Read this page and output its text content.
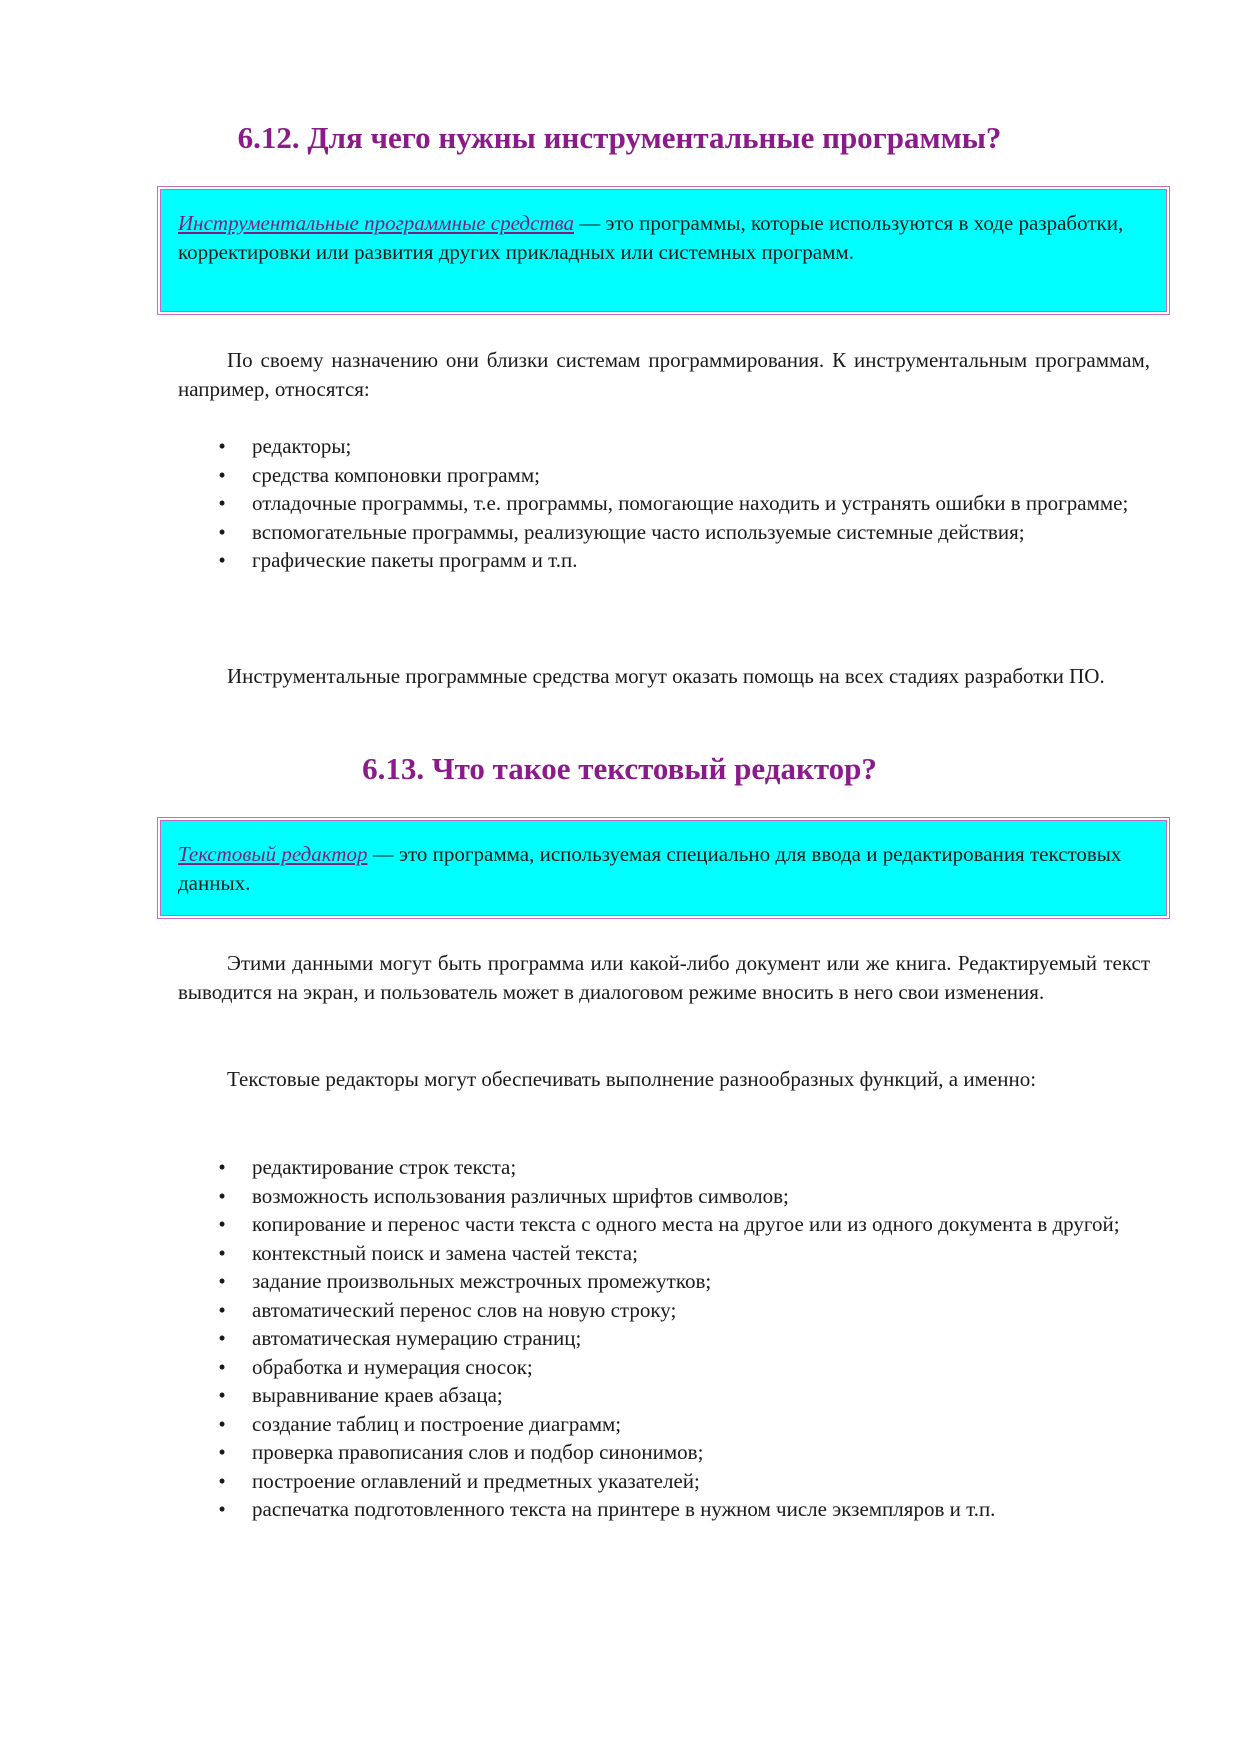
6.12. Для чего нужны инструментальные программы?
Инструментальные программные средства — это программы, которые используются в ходе разработки, корректировки или развития других прикладных или системных программ.

По своему назначению они близки системам программирования. К инструментальным программам, например, относятся:

• редакторы;
• средства компоновки программ;
• отладочные программы, т.е. программы, помогающие находить и устранять ошибки в программе;
• вспомогательные программы, реализующие часто используемые системные действия;
• графические пакеты программ и т.п.

Инструментальные программные средства могут оказать помощь на всех стадиях разработки ПО.

6.13. Что такое текстовый редактор?
Текстовый редактор — это программа, используемая специально для ввода и редактирования текстовых данных.

Этими данными могут быть программа или какой-либо документ или же книга. Редактируемый текст выводится на экран, и пользователь может в диалоговом режиме вносить в него свои изменения.

Текстовые редакторы могут обеспечивать выполнение разнообразных функций, а именно:

• редактирование строк текста;
• возможность использования различных шрифтов символов;
• копирование и перенос части текста с одного места на другое или из одного документа в другой;
• контекстный поиск и замена частей текста;
• задание произвольных межстрочных промежутков;
• автоматический перенос слов на новую строку;
• автоматическая нумерацию страниц;
• обработка и нумерация сносок;
• выравнивание краев абзаца;
• создание таблиц и построение диаграмм;
• проверка правописания слов и подбор синонимов;
• построение оглавлений и предметных указателей;
• распечатка подготовленного текста на принтере в нужном числе экземпляров и т.п.
